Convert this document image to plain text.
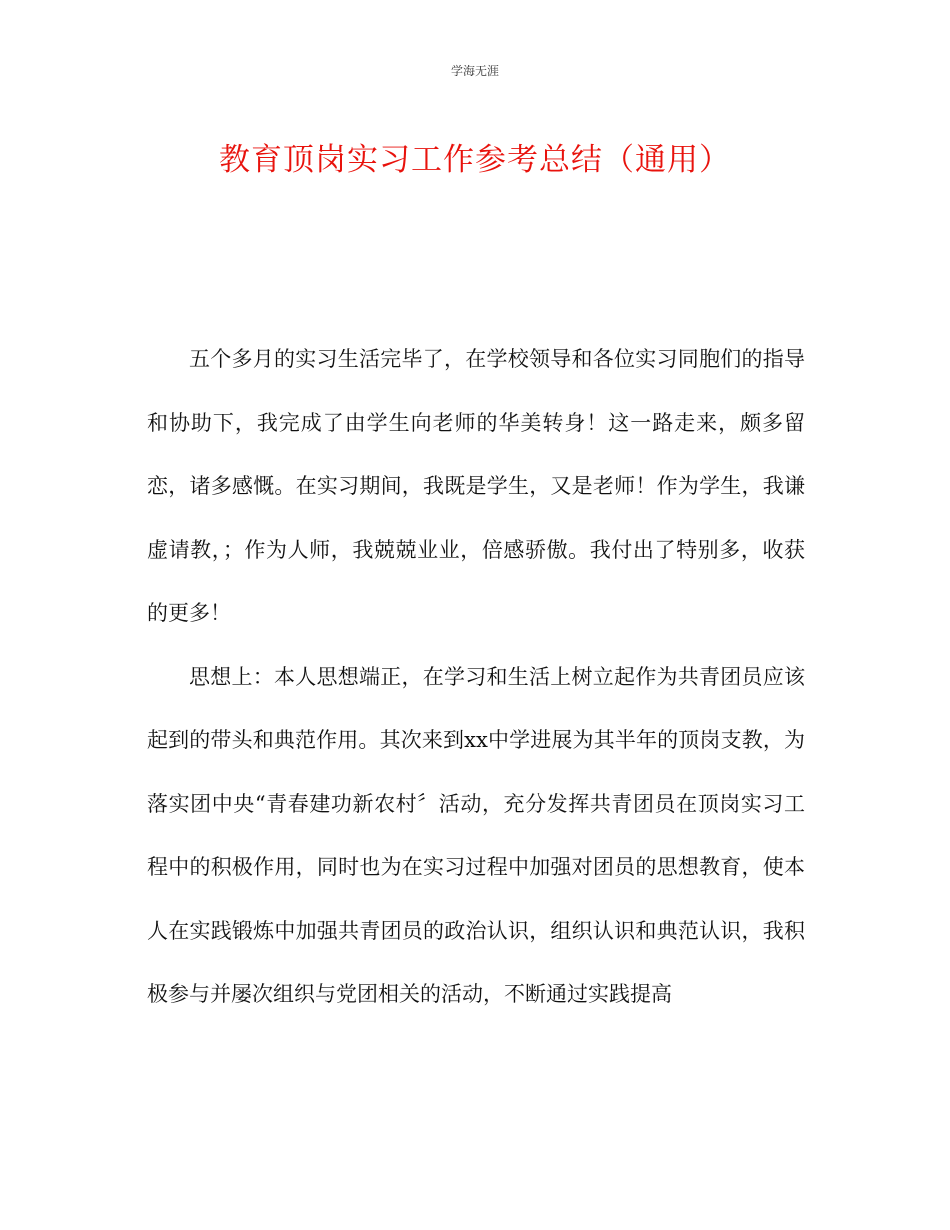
学海无涯
教育顶岗实习工作参考总结（通用）

五个多月的实习生活完毕了，在学校领导和各位实习同胞们的指导和协助下，我完成了由学生向老师的华美转身！这一路走来，颇多留恋，诸多感慨。在实习期间，我既是学生，又是老师！作为学生，我谦虚请教，；作为人师，我兢兢业业，倍感骄傲。我付出了特别多，收获的更多！

思想上：本人思想端正，在学习和生活上树立起作为共青团员应该起到的带头和典范作用。其次来到xx中学进展为其半年的顶岗支教，为落实团中央“青春建功新农村〞活动，充分发挥共青团员在顶岗实习工程中的积极作用，同时也为在实习过程中加强对团员的思想教育，使本人在实践锻炼中加强共青团员的政治认识，组织认识和典范认识，我积极参与并屡次组织与党团相关的活动，不断通过实践提高
